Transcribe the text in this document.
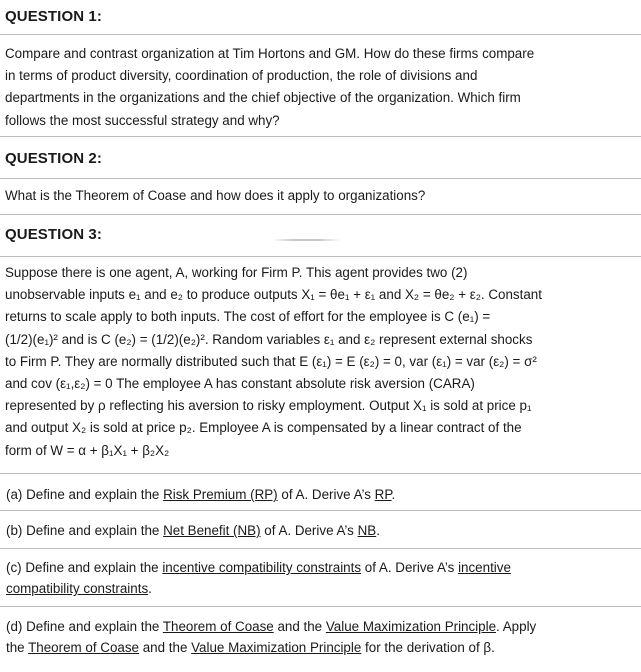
QUESTION 1:
Compare and contrast organization at Tim Hortons and GM. How do these firms compare
in terms of product diversity, coordination of production, the role of divisions and
departments in the organizations and the chief objective of the organization. Which firm
follows the most successful strategy and why?
QUESTION 2:
What is the Theorem of Coase and how does it apply to organizations?
QUESTION 3:
Suppose there is one agent, A, working for Firm P. This agent provides two (2)
unobservable inputs e₁ and e₂ to produce outputs X₁ = θe₁ + ε₁ and X₂ = θe₂ + ε₂. Constant
returns to scale apply to both inputs. The cost of effort for the employee is C (e₁) =
(1/2)(e₁)² and is C (e₂) = (1/2)(e₂)². Random variables ε₁ and ε₂ represent external shocks
to Firm P. They are normally distributed such that E (ε₁) = E (ε₂) = 0, var (ε₁) = var (ε₂) = σ²
and cov (ε₁,ε₂) = 0 The employee A has constant absolute risk aversion (CARA)
represented by ρ reflecting his aversion to risky employment. Output X₁ is sold at price p₁
and output X₂ is sold at price p₂. Employee A is compensated by a linear contract of the
form of W = α + β₁X₁ + β₂X₂
(a) Define and explain the Risk Premium (RP) of A. Derive A’s RP.
(b) Define and explain the Net Benefit (NB) of A. Derive A’s NB.
(c) Define and explain the incentive compatibility constraints of A. Derive A’s incentive
compatibility constraints.
(d) Define and explain the Theorem of Coase and the Value Maximization Principle. Apply
the Theorem of Coase and the Value Maximization Principle for the derivation of β.
